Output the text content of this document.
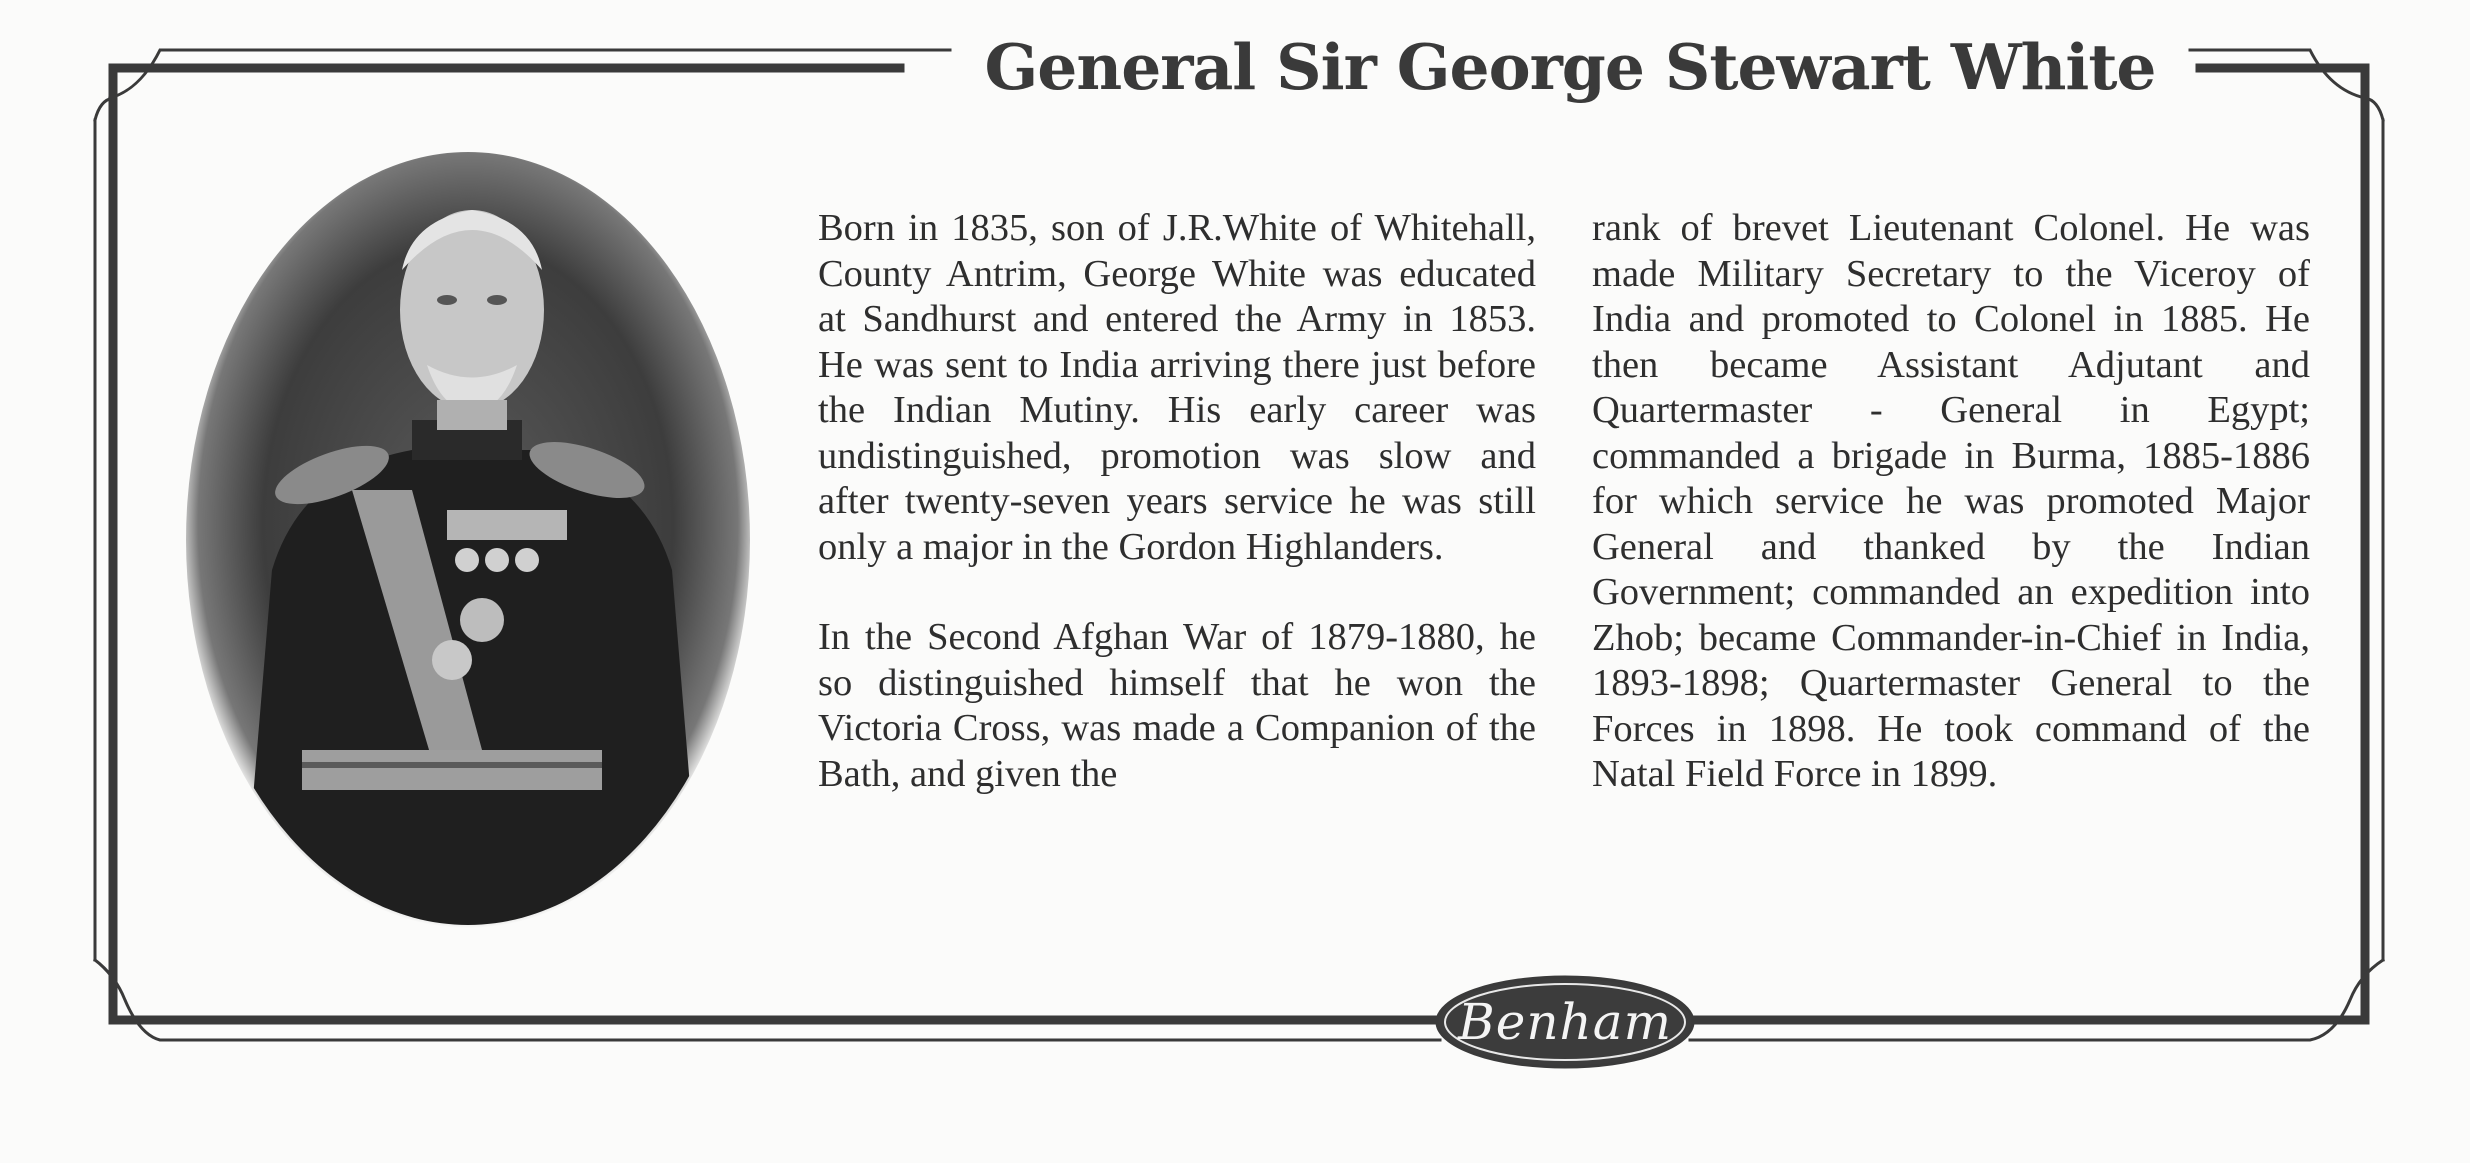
General Sir George Stewart White

Born in 1835, son of J.R.White of Whitehall, County Antrim, George White was educated at Sandhurst and entered the Army in 1853. He was sent to India arriving there just before the Indian Mutiny. His early career was undistinguished, promotion was slow and after twenty-seven years service he was still only a major in the Gordon Highlanders.

In the Second Afghan War of 1879-1880, he so distinguished himself that he won the Victoria Cross, was made a Companion of the Bath, and given the

rank of brevet Lieutenant Colonel. He was made Military Secretary to the Viceroy of India and promoted to Colonel in 1885. He then became Assistant Adjutant and Quartermaster - General in Egypt; commanded a brigade in Burma, 1885-1886 for which service he was promoted Major General and thanked by the Indian Government; commanded an expedition into Zhob; became Commander-in-Chief in India, 1893-1898; Quartermaster General to the Forces in 1898. He took command of the Natal Field Force in 1899.

Benham
